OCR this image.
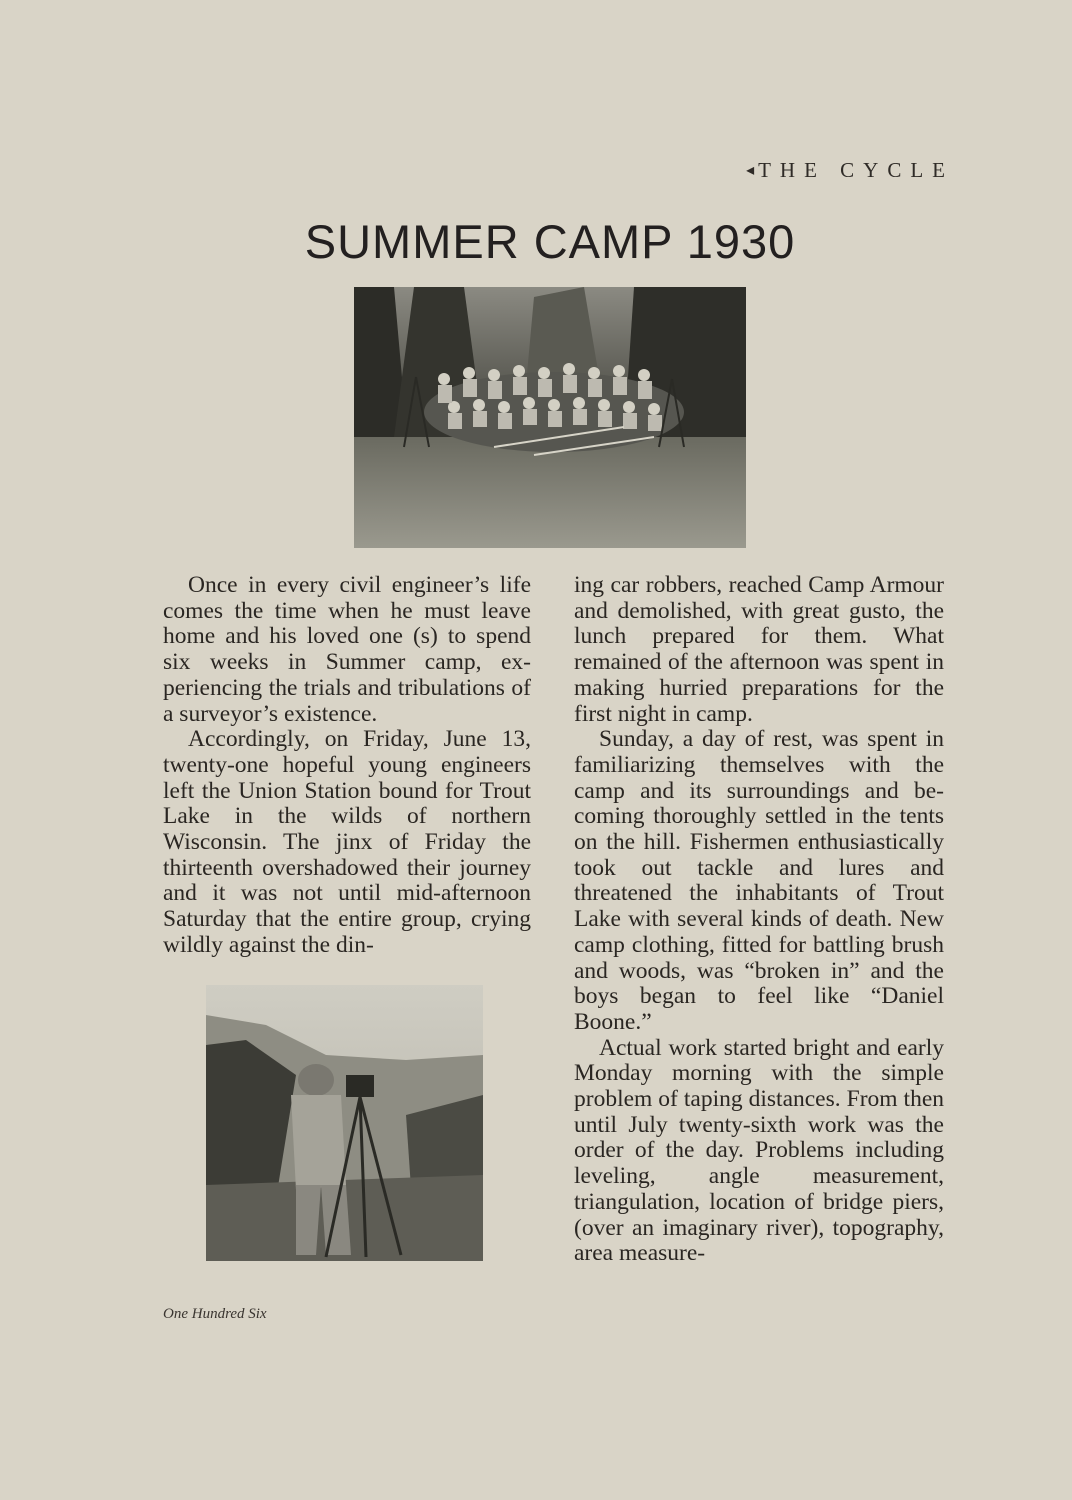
◂ THE CYCLE
SUMMER CAMP 1930

Once in every civil engineer’s life comes the time when he must leave home and his loved one (s) to spend six weeks in Summer camp, experiencing the trials and tribulations of a surveyor’s existence.

Accordingly, on Friday, June 13, twenty-one hopeful young engineers left the Union Station bound for Trout Lake in the wilds of northern Wisconsin. The jinx of Friday the thirteenth overshadowed their journey and it was not until mid-afternoon Saturday that the entire group, crying wildly against the din-

ing car robbers, reached Camp Armour and demolished, with great gusto, the lunch prepared for them. What remained of the afternoon was spent in making hurried preparations for the first night in camp.

Sunday, a day of rest, was spent in familiarizing themselves with the camp and its surroundings and becoming thoroughly settled in the tents on the hill. Fishermen enthusiastically took out tackle and lures and threatened the inhabitants of Trout Lake with several kinds of death. New camp clothing, fitted for battling brush and woods, was “broken in” and the boys began to feel like “Daniel Boone.”

Actual work started bright and early Monday morning with the simple problem of taping distances. From then until July twenty-sixth work was the order of the day. Problems including leveling, angle measurement, triangulation, location of bridge piers, (over an imaginary river), topography, area measure-

One Hundred Six
